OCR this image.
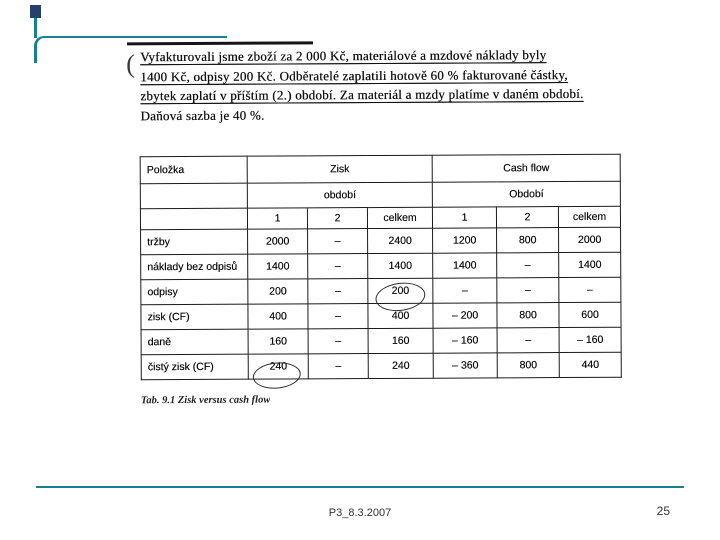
( Vyfakturovali jsme zboží za 2 000 Kč, materiálové a mzdové náklady byly
1400 Kč, odpisy 200 Kč. Odběratelé zaplatili hotově 60 % fakturované částky,
zbytek zaplatí v příštím (2.) období. Za materiál a mzdy platíme v daném období.
Daňová sazba je 40 %.
Položka	Zisk			Cash flow		
	období			Období		
	1	2	celkem	1	2	celkem
tržby	2000	–	2400	1200	800	2000
náklady bez odpisů	1400	–	1400	1400	–	1400
odpisy	200	–	200	–	–	–
zisk (CF)	400	–	400	– 200	800	600
daně	160	–	160	– 160	–	– 160
čistý zisk (CF)	240	–	240	– 360	800	440
Tab. 9.1 Zisk versus cash flow
P3_8.3.2007	25
